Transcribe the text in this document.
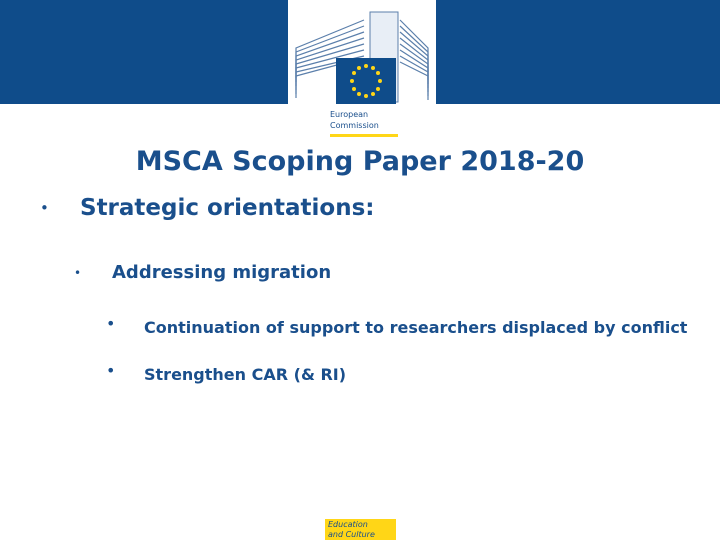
European
Commission
MSCA Scoping Paper 2018-20
• Strategic orientations:
• Addressing migration
• Continuation of support to researchers displaced by conflict
• Strengthen CAR (& RI)
Education
and Culture
